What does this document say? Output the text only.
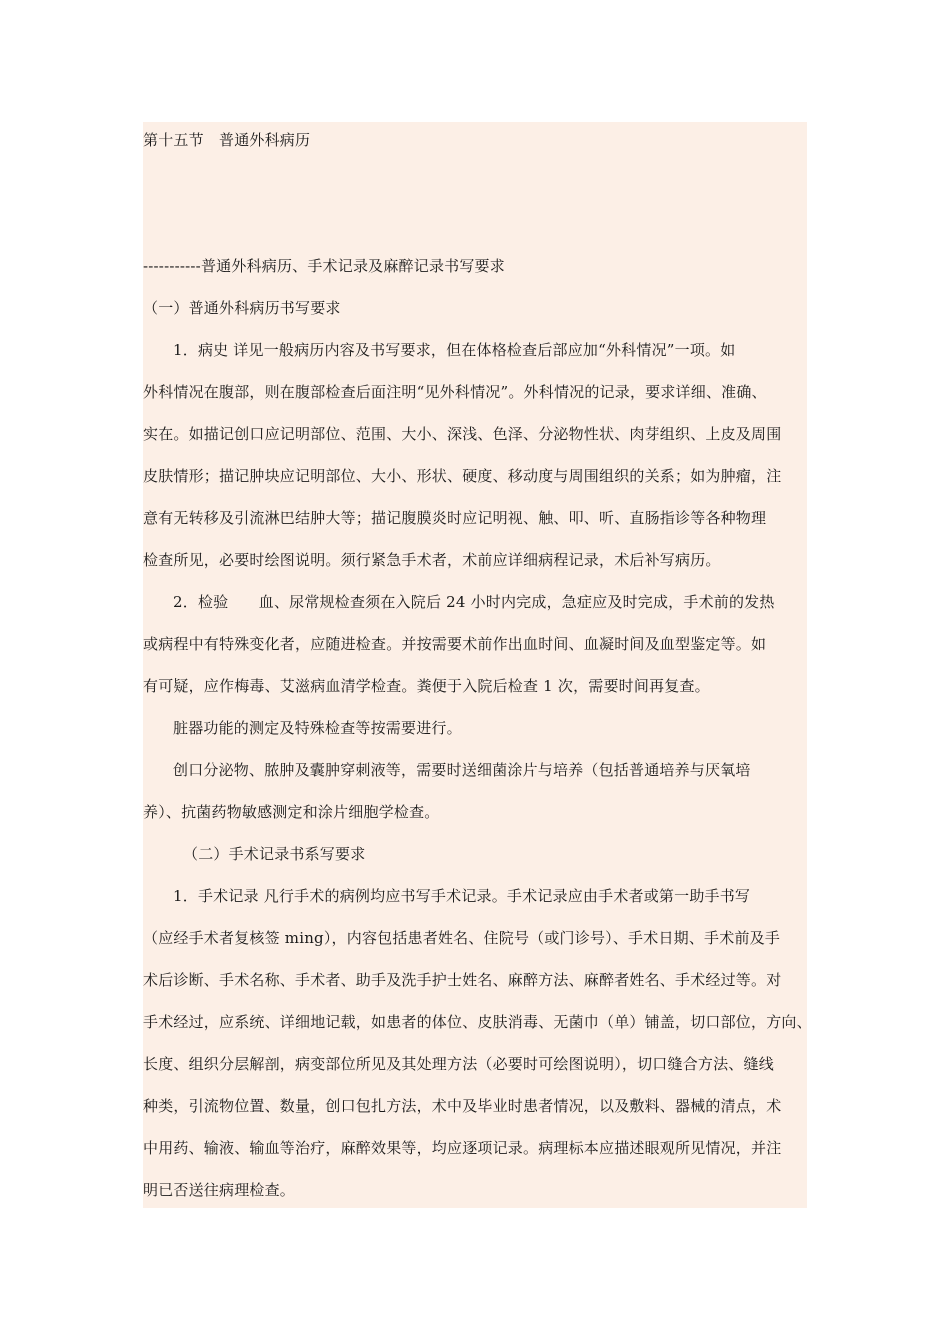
第十五节　普通外科病历
-----------普通外科病历、手术记录及麻醉记录书写要求
（一）普通外科病历书写要求
1．病史 详见一般病历内容及书写要求，但在体格检查后部应加“外科情况”一项。如
外科情况在腹部，则在腹部检查后面注明“见外科情况”。外科情况的记录，要求详细、准确、
实在。如描记创口应记明部位、范围、大小、深浅、色泽、分泌物性状、肉芽组织、上皮及周围
皮肤情形；描记肿块应记明部位、大小、形状、硬度、移动度与周围组织的关系；如为肿瘤，注
意有无转移及引流淋巴结肿大等；描记腹膜炎时应记明视、触、叩、听、直肠指诊等各种物理
检查所见，必要时绘图说明。须行紧急手术者，术前应详细病程记录，术后补写病历。
2．检验　　血、尿常规检查须在入院后 24 小时内完成，急症应及时完成，手术前的发热
或病程中有特殊变化者，应随进检查。并按需要术前作出血时间、血凝时间及血型鉴定等。如
有可疑，应作梅毒、艾滋病血清学检查。粪便于入院后检查 1 次，需要时间再复查。
脏器功能的测定及特殊检查等按需要进行。
创口分泌物、脓肿及囊肿穿刺液等，需要时送细菌涂片与培养（包括普通培养与厌氧培
养）、抗菌药物敏感测定和涂片细胞学检查。
（二）手术记录书系写要求
1．手术记录 凡行手术的病例均应书写手术记录。手术记录应由手术者或第一助手书写
（应经手术者复核签 ming），内容包括患者姓名、住院号（或门诊号）、手术日期、手术前及手
术后诊断、手术名称、手术者、助手及洗手护士姓名、麻醉方法、麻醉者姓名、手术经过等。对
手术经过，应系统、详细地记载，如患者的体位、皮肤消毒、无菌巾（单）铺盖，切口部位，方向、
长度、组织分层解剖，病变部位所见及其处理方法（必要时可绘图说明），切口缝合方法、缝线
种类，引流物位置、数量，创口包扎方法，术中及毕业时患者情况，以及敷料、器械的清点，术
中用药、输液、输血等治疗，麻醉效果等，均应逐项记录。病理标本应描述眼观所见情况，并注
明已否送往病理检查。
